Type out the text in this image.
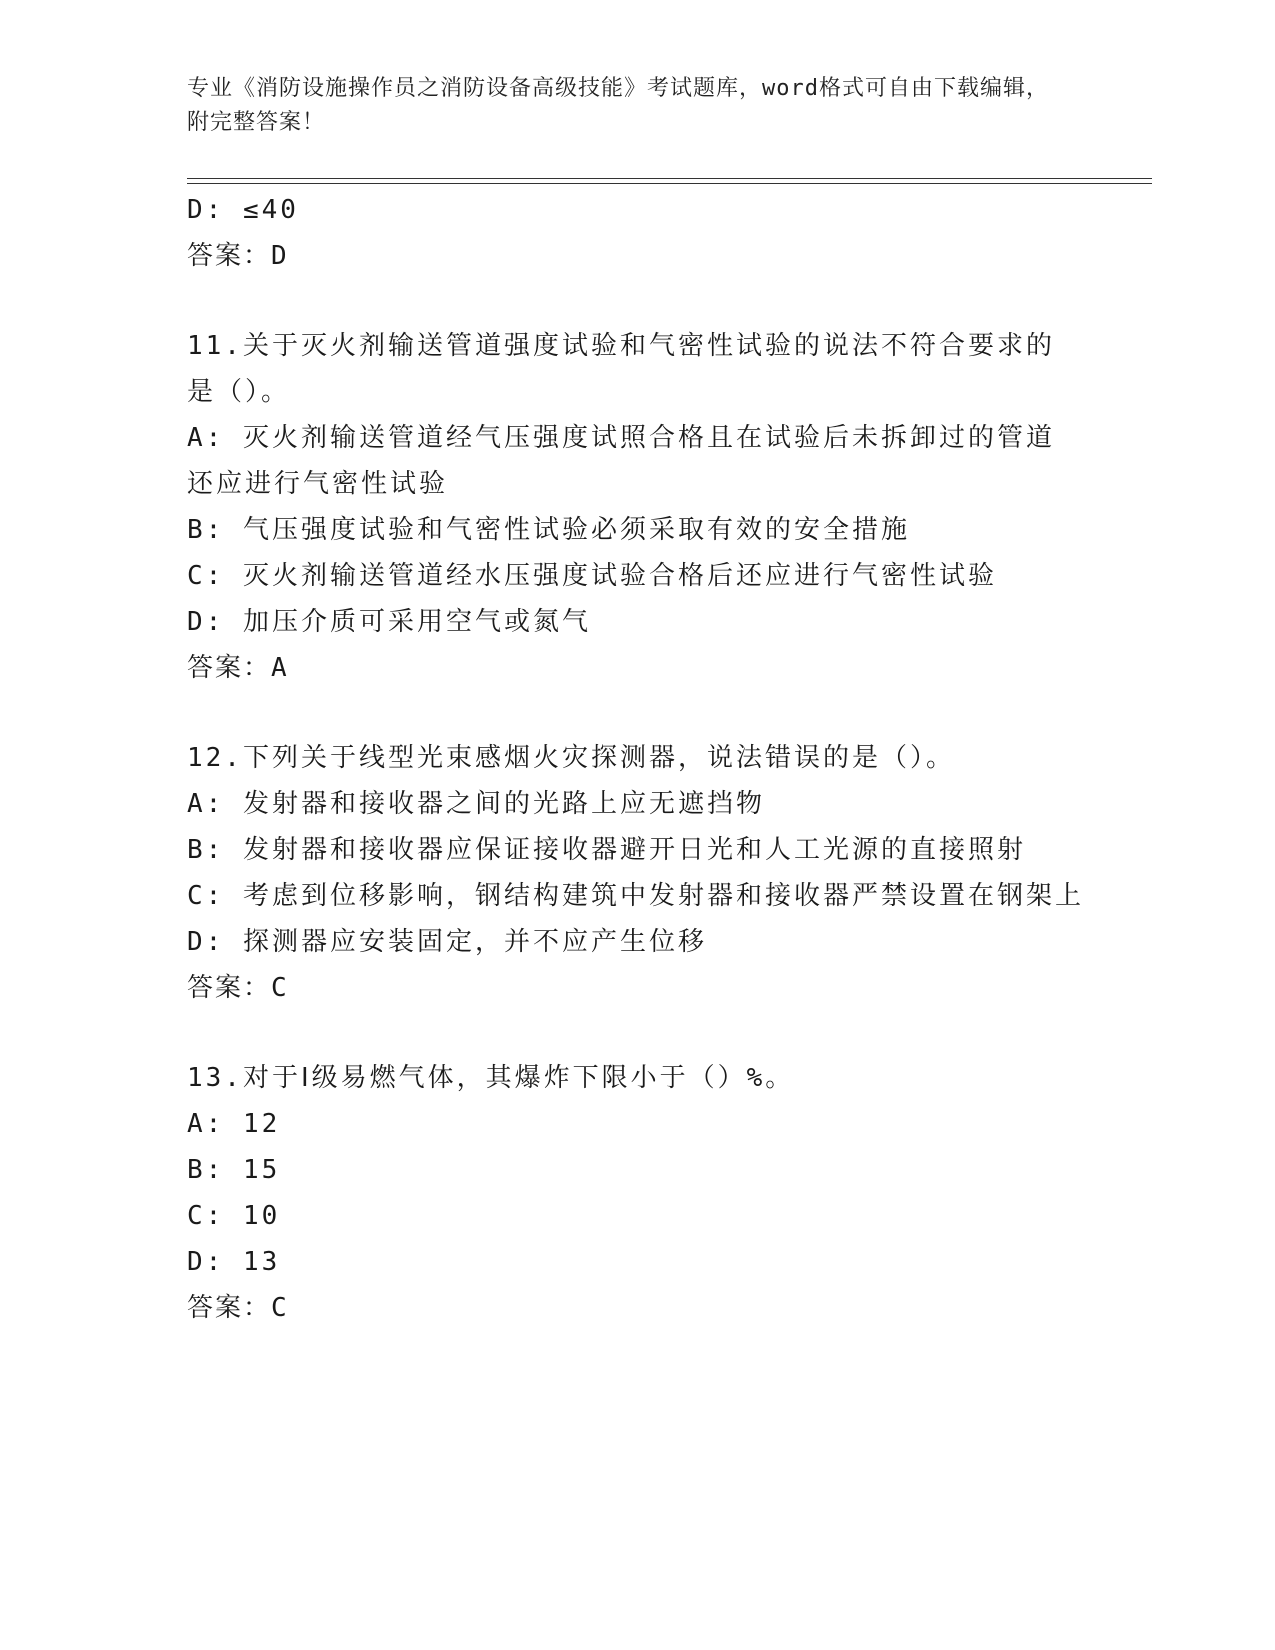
专业《消防设施操作员之消防设备高级技能》考试题库，word格式可自由下载编辑，附完整答案！
D: ≤40
答案：D
11.关于灭火剂输送管道强度试验和气密性试验的说法不符合要求的是（）。
A: 灭火剂输送管道经气压强度试照合格且在试验后未拆卸过的管道还应进行气密性试验
B: 气压强度试验和气密性试验必须采取有效的安全措施
C: 灭火剂输送管道经水压强度试验合格后还应进行气密性试验
D: 加压介质可采用空气或氮气
答案：A
12.下列关于线型光束感烟火灾探测器，说法错误的是（）。
A: 发射器和接收器之间的光路上应无遮挡物
B: 发射器和接收器应保证接收器避开日光和人工光源的直接照射
C: 考虑到位移影响，钢结构建筑中发射器和接收器严禁设置在钢架上
D: 探测器应安装固定，并不应产生位移
答案：C
13.对于Ⅰ级易燃气体，其爆炸下限小于（）%。
A: 12
B: 15
C: 10
D: 13
答案：C
